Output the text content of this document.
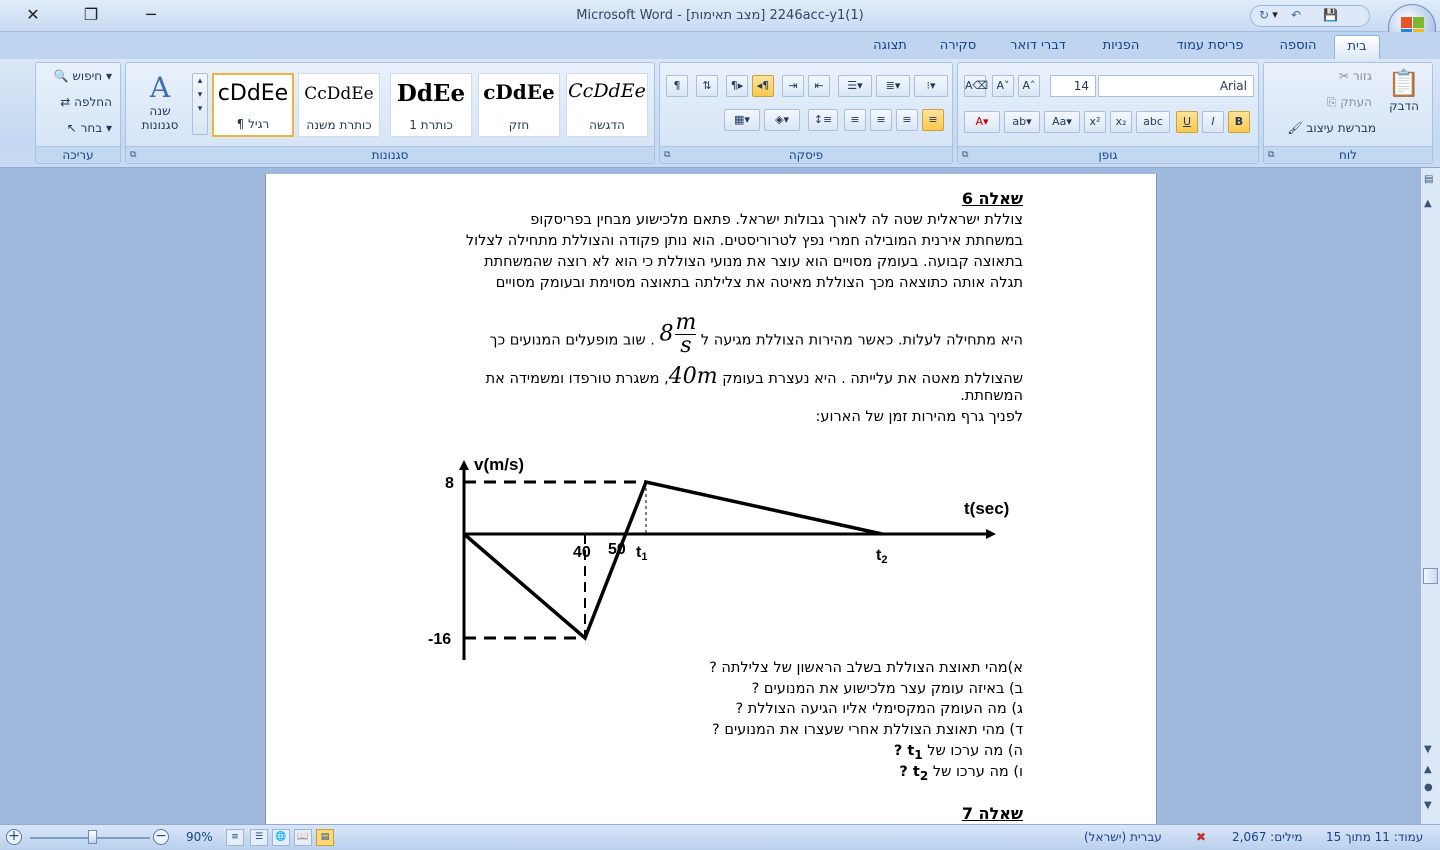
✕	❐	─	Microsoft Word - [מצב תאימות] 2246acc-y1(1)	↻ ↶ 💾
▾
תצוגה	סקירה	דברי דואר	הפניות	פריסת עמוד	הוספה	בית
🔍 חיפוש ▾
⇄ החלפה
↖ בחר ▾
עריכה
A
שנה סגנונות
▴
▾
▾
cDdEe
¶ רגיל
CcDdEe
כותרת משנה
DdEe
כותרת 1
cDdEe
חזק
CcDdEe
הדגשה
סגנונות
⧉
¶	⇅	¶▸	◂¶	⇥	⇤	☰▾	≣▾	⁝▾
▦▾	◈▾	↕≡	≡	≡	≡	≡
פיסקה
⧉
A⌫ A˅	A˄	14	Arial
A▾	ab▾	Aa▾	x²	x₂	abc	U	I	B
גופן
⧉
📋
הדבק
✂ גזור
⎘ העתק
🖌 מברשת עיצוב
לוח
⧉
שאלה 6
צוללת ישראלית שטה לה לאורך גבולות ישראל. פתאם מלכישוע מבחין בפריסקופ
במשחתת אירנית המובילה חמרי נפץ לטרוריסטים. הוא נותן פקודה והצוללת מתחילה לצלול
בתאוצה קבועה. בעומק מסויים הוא עוצר את מנועי הצוללת כי הוא לא רוצה שהמשחתת
תגלה אותה כתוצאה מכך הצוללת מאיטה את צלילתה בתאוצה מסוימת ובעומק מסויים
היא מתחילה לעלות. כאשר מהירות הצוללת מגיעה ל $8 \frac{m}{s}$
. שוב מופעלים המנועים כך
שהצוללת מאטה את עלייתה . היא נעצרת בעומק 40m, משגרת טורפדו ומשמידה את
המשחתת.
לפניך גרף מהירות זמן של הארוע:
v(m/s)
t(sec)
8
-16
40 50 t1	t2
א)מהי תאוצת הצוללת בשלב הראשון של צלילתה ?
ב) באיזה עומק עצר מלכישוע את המנועים ?
ג) מה העומק המקסימלי אליו הגיעה הצוללת ?
ד) מהי תאוצת הצוללת אחרי שעצרו את המנועים ?
ה) מה ערכו של $t_1$ ?
ו) מה ערכו של $t_2$ ?
שאלה 7
▤
▲
▼
▲
●
▼
+	− 90%	≡	☰	🌐	📖	▤	עברית (ישראל)	✖ מילים: 2,067 עמוד: 11 מתוך 15
